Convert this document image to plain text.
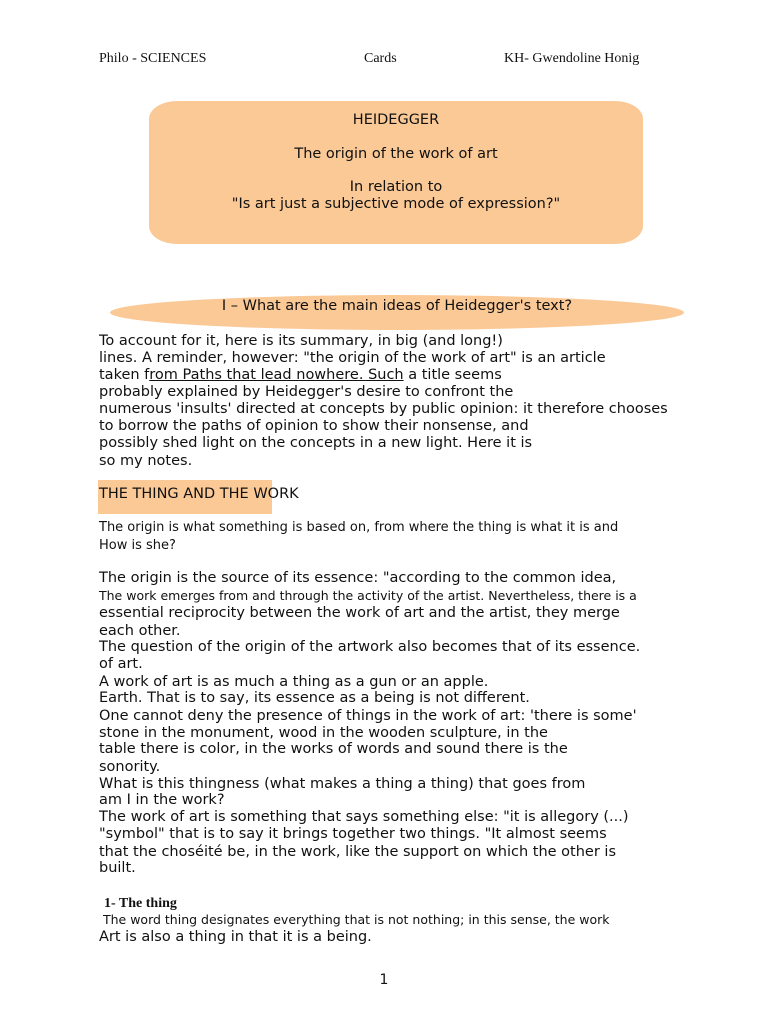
Philo - SCIENCES	Cards	KH- Gwendoline Honig
HEIDEGGER
The origin of the work of art
In relation to
"Is art just a subjective mode of expression?"
I – What are the main ideas of Heidegger's text?
To account for it, here is its summary, in big (and long!)
lines. A reminder, however: "the origin of the work of art" is an article
taken from Paths that lead nowhere. Such a title seems
probably explained by Heidegger's desire to confront the
numerous 'insults' directed at concepts by public opinion: it therefore chooses
to borrow the paths of opinion to show their nonsense, and
possibly shed light on the concepts in a new light. Here it is
so my notes.
THE THING AND THE WORK
The origin is what something is based on, from where the thing is what it is and
How is she?
The origin is the source of its essence: "according to the common idea,
The work emerges from and through the activity of the artist. Nevertheless, there is a
essential reciprocity between the work of art and the artist, they merge
each other.
The question of the origin of the artwork also becomes that of its essence.
of art.
A work of art is as much a thing as a gun or an apple.
Earth. That is to say, its essence as a being is not different.
One cannot deny the presence of things in the work of art: 'there is some'
stone in the monument, wood in the wooden sculpture, in the
table there is color, in the works of words and sound there is the
sonority.
What is this thingness (what makes a thing a thing) that goes from
am I in the work?
The work of art is something that says something else: "it is allegory (...)
"symbol" that is to say it brings together two things. "It almost seems
that the choséité be, in the work, like the support on which the other is
built.
1- The thing
The word thing designates everything that is not nothing; in this sense, the work
Art is also a thing in that it is a being.
1
